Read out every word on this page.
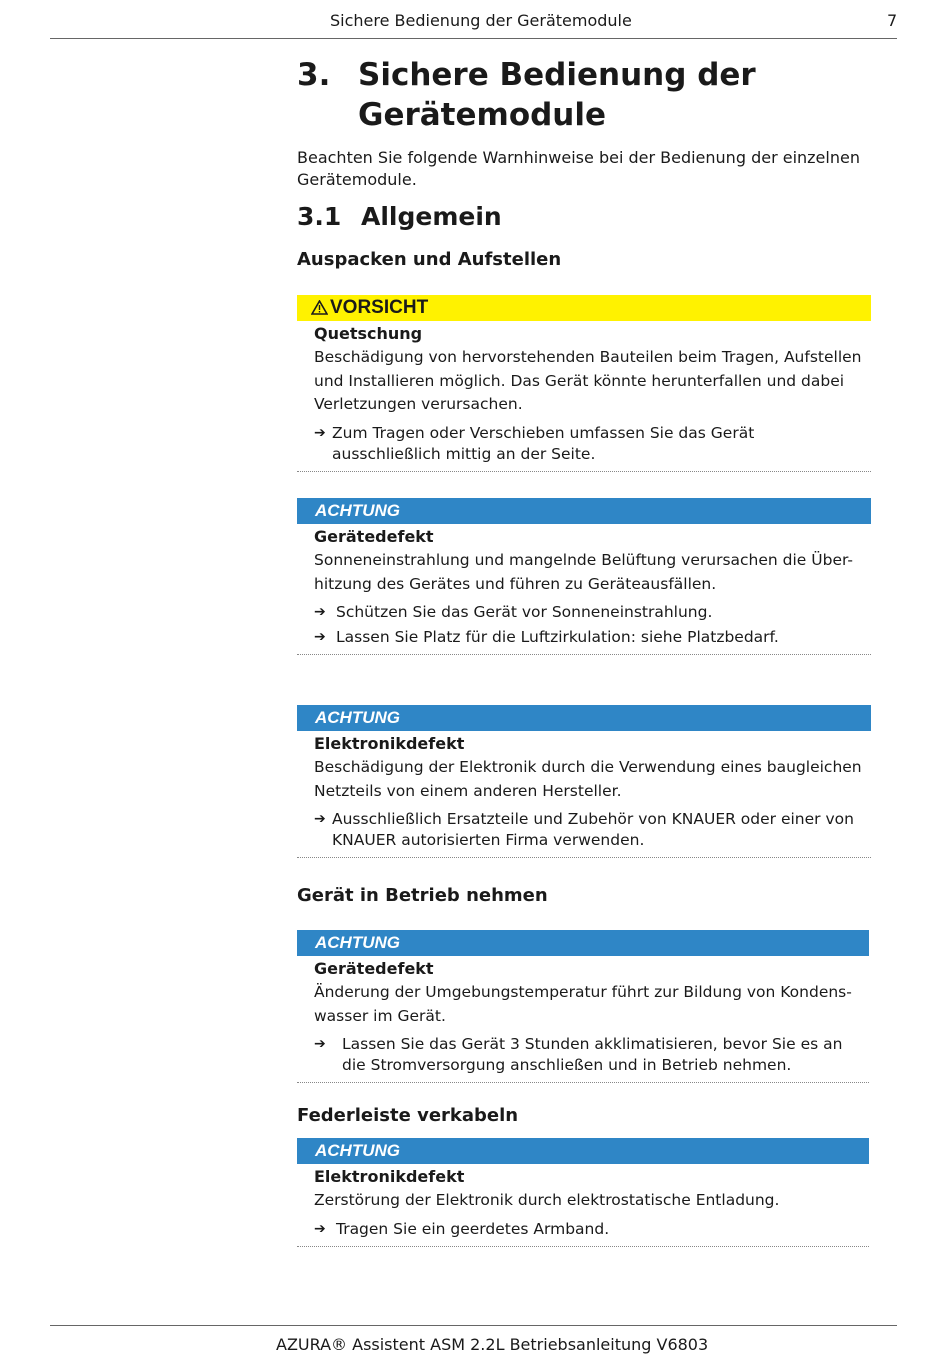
Sichere Bedienung der Gerätemodule	7
3. Sichere Bedienung der
Gerätemodule

Beachten Sie folgende Warnhinweise bei der Bedienung der einzelnen Gerätemodule.

3.1 Allgemein
Auspacken und Aufstellen
VORSICHT
Quetschung
Beschädigung von hervorstehenden Bauteilen beim Tragen, Aufstellen und Installieren möglich. Das Gerät könnte herunterfallen und dabei Verletzungen verursachen.
➔ Zum Tragen oder Verschieben umfassen Sie das Gerät ausschließlich mittig an der Seite.
ACHTUNG
Gerätedefekt
Sonneneinstrahlung und mangelnde Belüftung verursachen die Über-hitzung des Gerätes und führen zu Geräteausfällen.
➔ Schützen Sie das Gerät vor Sonneneinstrahlung.
➔ Lassen Sie Platz für die Luftzirkulation: siehe Platzbedarf.
ACHTUNG
Elektronikdefekt
Beschädigung der Elektronik durch die Verwendung eines baugleichen Netzteils von einem anderen Hersteller.
➔ Ausschließlich Ersatzteile und Zubehör von KNAUER oder einer von KNAUER autorisierten Firma verwenden.
Gerät in Betrieb nehmen
ACHTUNG
Gerätedefekt
Änderung der Umgebungstemperatur führt zur Bildung von Kondens-wasser im Gerät.
➔	Lassen Sie das Gerät 3 Stunden akklimatisieren, bevor Sie es an die Stromversorgung anschließen und in Betrieb nehmen.
Federleiste verkabeln
ACHTUNG
Elektronikdefekt
Zerstörung der Elektronik durch elektrostatische Entladung.
➔ Tragen Sie ein geerdetes Armband.
AZURA® Assistent ASM 2.2L Betriebsanleitung V6803
